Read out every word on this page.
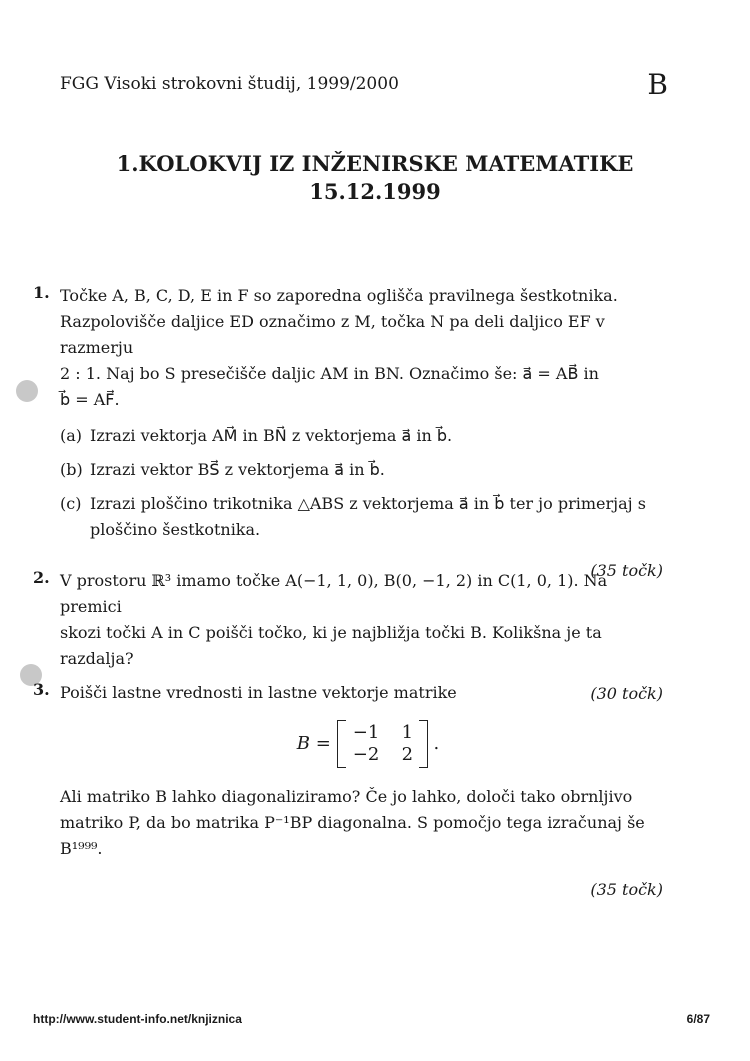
FGG Visoki strokovni študij, 1999/2000	B
1.KOLOKVIJ IZ INŽENIRSKE MATEMATIKE
15.12.1999
1. Točke A, B, C, D, E in F so zaporedna oglišča pravilnega šestkotnika.
Razpolovišče daljice ED označimo z M, točka N pa deli daljico EF v razmerju
2 : 1. Naj bo S presečišče daljic AM in BN. Označimo še: a⃗ = AB⃗ in
b⃗ = AF⃗.
(a) Izrazi vektorja AM⃗ in BN⃗ z vektorjema a⃗ in b⃗.
(b) Izrazi vektor BS⃗ z vektorjema a⃗ in b⃗.
(c) Izrazi ploščino trikotnika △ABS z vektorjema a⃗ in b⃗ ter jo primerjaj s
ploščino šestkotnika.
(35 točk)
2. V prostoru ℝ³ imamo točke A(−1, 1, 0), B(0, −1, 2) in C(1, 0, 1). Na premici
skozi točki A in C poišči točko, ki je najbližja točki B. Kolikšna je ta razdalja?
(30 točk)
3. Poišči lastne vrednosti in lastne vektorje matrike
B =
−1 1
−2 2
.
Ali matriko B lahko diagonaliziramo? Če jo lahko, določi tako obrnljivo
matriko P, da bo matrika P⁻¹BP diagonalna. S pomočjo tega izračunaj še
B¹⁹⁹⁹.
(35 točk)
http://www.student-info.net/knjiznica	6/87
